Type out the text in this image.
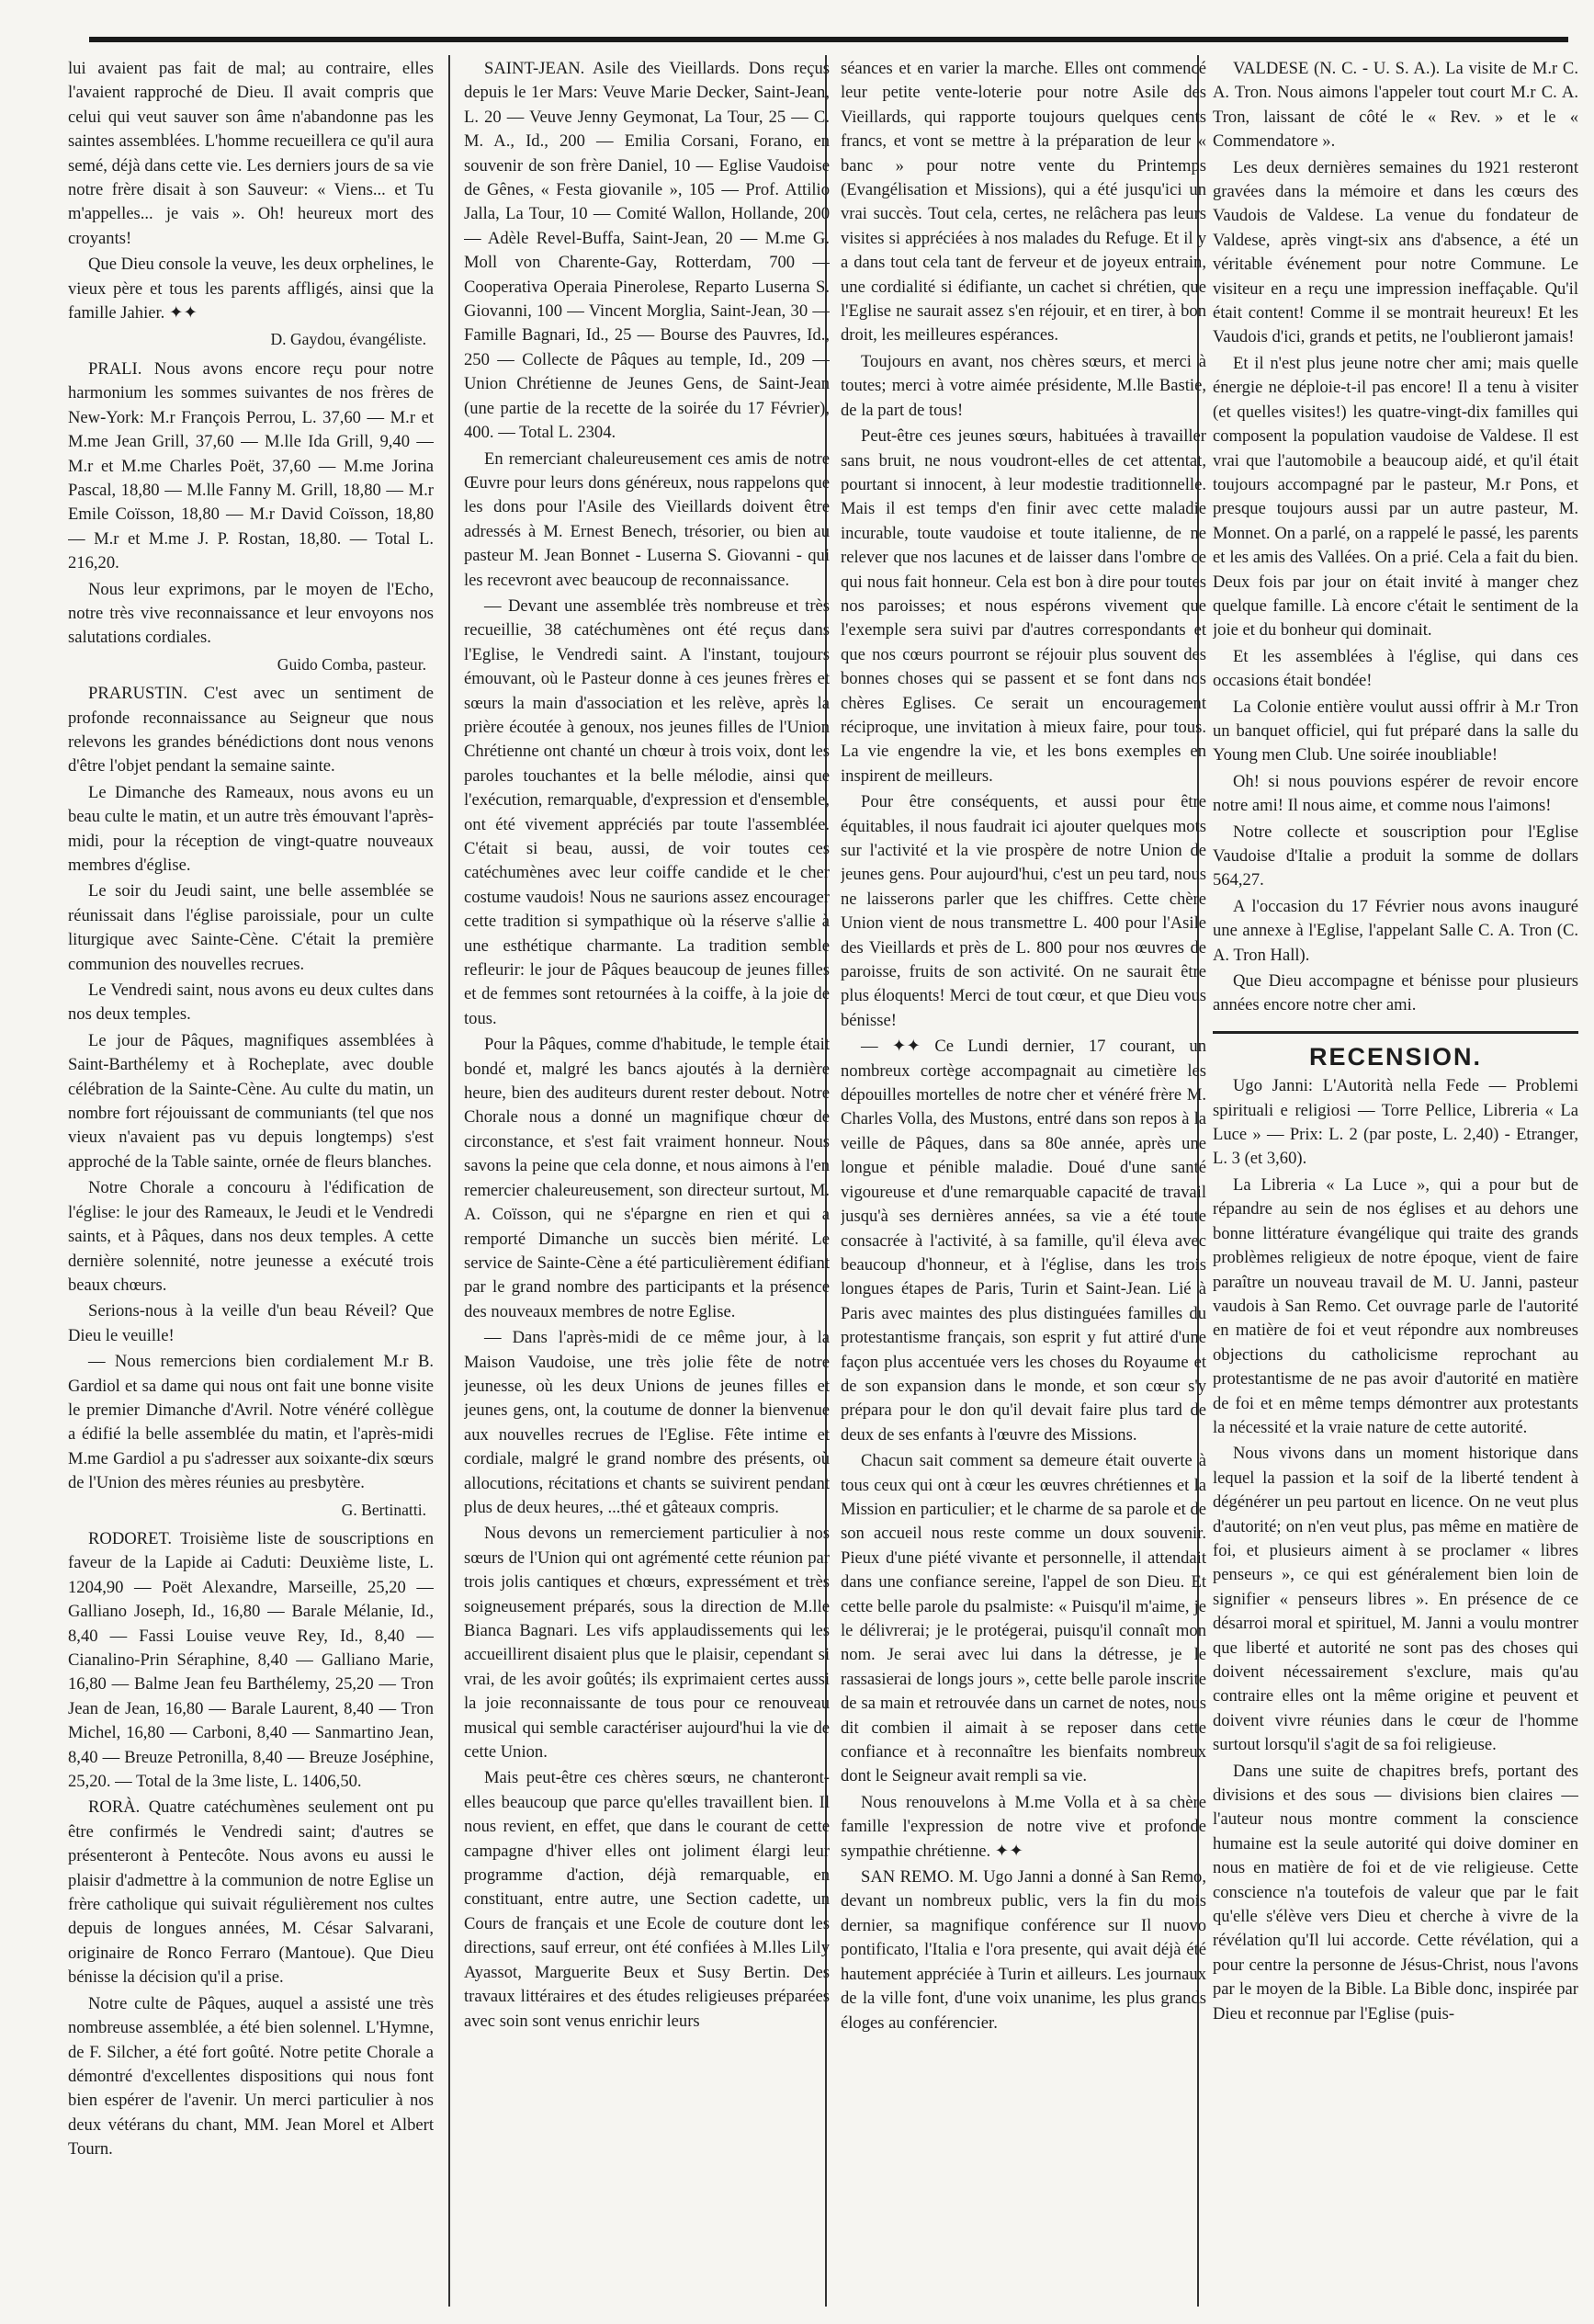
lui avaient pas fait de mal; au contraire, elles l'avaient rapproché de Dieu. Il avait compris que celui qui veut sauver son âme n'abandonne pas les saintes assemblées. L'homme recueillera ce qu'il aura semé, déjà dans cette vie. Les derniers jours de sa vie notre frère disait à son Sauveur: « Viens... et Tu m'appelles... je vais ». Oh! heureux mort des croyants!

Que Dieu console la veuve, les deux orphelines, le vieux père et tous les parents affligés, ainsi que la famille Jahier. ✦✦

D. Gaydou, évangéliste.

PRALI. Nous avons encore reçu pour notre harmonium les sommes suivantes de nos frères de New-York: M.r François Perrou, L. 37,60 — M.r et M.me Jean Grill, 37,60 — M.lle Ida Grill, 9,40 — M.r et M.me Charles Poët, 37,60 — M.me Jorina Pascal, 18,80 — M.lle Fanny M. Grill, 18,80 — M.r Emile Coïsson, 18,80 — M.r David Coïsson, 18,80 — M.r et M.me J. P. Rostan, 18,80. — Total L. 216,20.

Nous leur exprimons, par le moyen de l'Echo, notre très vive reconnaissance et leur envoyons nos salutations cordiales.

Guido Comba, pasteur.

PRARUSTIN. C'est avec un sentiment de profonde reconnaissance au Seigneur que nous relevons les grandes bénédictions dont nous venons d'être l'objet pendant la semaine sainte.

Le Dimanche des Rameaux, nous avons eu un beau culte le matin, et un autre très émouvant l'après-midi, pour la réception de vingt-quatre nouveaux membres d'église.

Le soir du Jeudi saint, une belle assemblée se réunissait dans l'église paroissiale, pour un culte liturgique avec Sainte-Cène. C'était la première communion des nouvelles recrues.

Le Vendredi saint, nous avons eu deux cultes dans nos deux temples.

Le jour de Pâques, magnifiques assemblées à Saint-Barthélemy et à Rocheplate, avec double célébration de la Sainte-Cène. Au culte du matin, un nombre fort réjouissant de communiants (tel que nos vieux n'avaient pas vu depuis longtemps) s'est approché de la Table sainte, ornée de fleurs blanches.

Notre Chorale a concouru à l'édification de l'église: le jour des Rameaux, le Jeudi et le Vendredi saints, et à Pâques, dans nos deux temples. A cette dernière solennité, notre jeunesse a exécuté trois beaux chœurs.

Serions-nous à la veille d'un beau Réveil? Que Dieu le veuille!

— Nous remercions bien cordialement M.r B. Gardiol et sa dame qui nous ont fait une bonne visite le premier Dimanche d'Avril. Notre vénéré collègue a édifié la belle assemblée du matin, et l'après-midi M.me Gardiol a pu s'adresser aux soixante-dix sœurs de l'Union des mères réunies au presbytère.

G. Bertinatti.

RODORET. Troisième liste de souscriptions en faveur de la Lapide ai Caduti: Deuxième liste, L. 1204,90 — Poët Alexandre, Marseille, 25,20 — Galliano Joseph, Id., 16,80 — Barale Mélanie, Id., 8,40 — Fassi Louise veuve Rey, Id., 8,40 — Cianalino-Prin Séraphine, 8,40 — Galliano Marie, 16,80 — Balme Jean feu Barthélemy, 25,20 — Tron Jean de Jean, 16,80 — Barale Laurent, 8,40 — Tron Michel, 16,80 — Carboni, 8,40 — Sanmartino Jean, 8,40 — Breuze Petronilla, 8,40 — Breuze Joséphine, 25,20. — Total de la 3me liste, L. 1406,50.

RORÀ. Quatre catéchumènes seulement ont pu être confirmés le Vendredi saint; d'autres se présenteront à Pentecôte. Nous avons eu aussi le plaisir d'admettre à la communion de notre Eglise un frère catholique qui suivait régulièrement nos cultes depuis de longues années, M. César Salvarani, originaire de Ronco Ferraro (Mantoue). Que Dieu bénisse la décision qu'il a prise.

Notre culte de Pâques, auquel a assisté une très nombreuse assemblée, a été bien solennel. L'Hymne, de F. Silcher, a été fort goûté. Notre petite Chorale a démontré d'excellentes dispositions qui nous font bien espérer de l'avenir. Un merci particulier à nos deux vétérans du chant, MM. Jean Morel et Albert Tourn.

SAINT-JEAN. Asile des Vieillards. Dons reçus depuis le 1er Mars: Veuve Marie Decker, Saint-Jean, L. 20 — Veuve Jenny Geymonat, La Tour, 25 — C. M. A., Id., 200 — Emilia Corsani, Forano, en souvenir de son frère Daniel, 10 — Eglise Vaudoise de Gênes, « Festa giovanile », 105 — Prof. Attilio Jalla, La Tour, 10 — Comité Wallon, Hollande, 200 — Adèle Revel-Buffa, Saint-Jean, 20 — M.me G. Moll von Charente-Gay, Rotterdam, 700 — Cooperativa Operaia Pinerolese, Reparto Luserna S. Giovanni, 100 — Vincent Morglia, Saint-Jean, 30 — Famille Bagnari, Id., 25 — Bourse des Pauvres, Id., 250 — Collecte de Pâques au temple, Id., 209 — Union Chrétienne de Jeunes Gens, de Saint-Jean (une partie de la recette de la soirée du 17 Février), 400. — Total L. 2304.

En remerciant chaleureusement ces amis de notre Œuvre pour leurs dons généreux, nous rappelons que les dons pour l'Asile des Vieillards doivent être adressés à M. Ernest Benech, trésorier, ou bien au pasteur M. Jean Bonnet - Luserna S. Giovanni - qui les recevront avec beaucoup de reconnaissance.

— Devant une assemblée très nombreuse et très recueillie, 38 catéchumènes ont été reçus dans l'Eglise, le Vendredi saint. A l'instant, toujours émouvant, où le Pasteur donne à ces jeunes frères et sœurs la main d'association et les relève, après la prière écoutée à genoux, nos jeunes filles de l'Union Chrétienne ont chanté un chœur à trois voix, dont les paroles touchantes et la belle mélodie, ainsi que l'exécution, remarquable, d'expression et d'ensemble, ont été vivement appréciés par toute l'assemblée. C'était si beau, aussi, de voir toutes ces catéchumènes avec leur coiffe candide et le cher costume vaudois! Nous ne saurions assez encourager cette tradition si sympathique où la réserve s'allie à une esthétique charmante. La tradition semble refleurir: le jour de Pâques beaucoup de jeunes filles et de femmes sont retournées à la coiffe, à la joie de tous.

Pour la Pâques, comme d'habitude, le temple était bondé et, malgré les bancs ajoutés à la dernière heure, bien des auditeurs durent rester debout. Notre Chorale nous a donné un magnifique chœur de circonstance, et s'est fait vraiment honneur. Nous savons la peine que cela donne, et nous aimons à l'en remercier chaleureusement, son directeur surtout, M. A. Coïsson, qui ne s'épargne en rien et qui a remporté Dimanche un succès bien mérité. Le service de Sainte-Cène a été particulièrement édifiant par le grand nombre des participants et la présence des nouveaux membres de notre Eglise.

— Dans l'après-midi de ce même jour, à la Maison Vaudoise, une très jolie fête de notre jeunesse, où les deux Unions de jeunes filles et jeunes gens, ont, la coutume de donner la bienvenue aux nouvelles recrues de l'Eglise. Fête intime et cordiale, malgré le grand nombre des présents, où allocutions, récitations et chants se suivirent pendant plus de deux heures, ...thé et gâteaux compris.

Nous devons un remerciement particulier à nos sœurs de l'Union qui ont agrémenté cette réunion par trois jolis cantiques et chœurs, expressément et très soigneusement préparés, sous la direction de M.lle Bianca Bagnari. Les vifs applaudissements qui les accueillirent disaient plus que le plaisir, cependant si vrai, de les avoir goûtés; ils exprimaient certes aussi la joie reconnaissante de tous pour ce renouveau musical qui semble caractériser aujourd'hui la vie de cette Union.

Mais peut-être ces chères sœurs, ne chanteront-elles beaucoup que parce qu'elles travaillent bien. Il nous revient, en effet, que dans le courant de cette campagne d'hiver elles ont joliment élargi leur programme d'action, déjà remarquable, en constituant, entre autre, une Section cadette, un Cours de français et une Ecole de couture dont les directions, sauf erreur, ont été confiées à M.lles Lily Ayassot, Marguerite Beux et Susy Bertin. Des travaux littéraires et des études religieuses préparées avec soin sont venus enrichir leurs

séances et en varier la marche. Elles ont commencé leur petite vente-loterie pour notre Asile des Vieillards, qui rapporte toujours quelques cents francs, et vont se mettre à la préparation de leur « banc » pour notre vente du Printemps (Evangélisation et Missions), qui a été jusqu'ici un vrai succès. Tout cela, certes, ne relâchera pas leurs visites si appréciées à nos malades du Refuge. Et il y a dans tout cela tant de ferveur et de joyeux entrain, une cordialité si édifiante, un cachet si chrétien, que l'Eglise ne saurait assez s'en réjouir, et en tirer, à bon droit, les meilleures espérances.

Toujours en avant, nos chères sœurs, et merci à toutes; merci à votre aimée présidente, M.lle Bastie, de la part de tous!

Peut-être ces jeunes sœurs, habituées à travailler sans bruit, ne nous voudront-elles de cet attentat, pourtant si innocent, à leur modestie traditionnelle. Mais il est temps d'en finir avec cette maladie incurable, toute vaudoise et toute italienne, de ne relever que nos lacunes et de laisser dans l'ombre ce qui nous fait honneur. Cela est bon à dire pour toutes nos paroisses; et nous espérons vivement que l'exemple sera suivi par d'autres correspondants et que nos cœurs pourront se réjouir plus souvent des bonnes choses qui se passent et se font dans nos chères Eglises. Ce serait un encouragement réciproque, une invitation à mieux faire, pour tous. La vie engendre la vie, et les bons exemples en inspirent de meilleurs.

Pour être conséquents, et aussi pour être équitables, il nous faudrait ici ajouter quelques mots sur l'activité et la vie prospère de notre Union de jeunes gens. Pour aujourd'hui, c'est un peu tard, nous ne laisserons parler que les chiffres. Cette chère Union vient de nous transmettre L. 400 pour l'Asile des Vieillards et près de L. 800 pour nos œuvres de paroisse, fruits de son activité. On ne saurait être plus éloquents! Merci de tout cœur, et que Dieu vous bénisse!

— ✦✦ Ce Lundi dernier, 17 courant, un nombreux cortège accompagnait au cimetière les dépouilles mortelles de notre cher et vénéré frère M. Charles Volla, des Mustons, entré dans son repos à la veille de Pâques, dans sa 80e année, après une longue et pénible maladie. Doué d'une santé vigoureuse et d'une remarquable capacité de travail jusqu'à ses dernières années, sa vie a été toute consacrée à l'activité, à sa famille, qu'il éleva avec beaucoup d'honneur, et à l'église, dans les trois longues étapes de Paris, Turin et Saint-Jean. Lié à Paris avec maintes des plus distinguées familles du protestantisme français, son esprit y fut attiré d'une façon plus accentuée vers les choses du Royaume et de son expansion dans le monde, et son cœur s'y prépara pour le don qu'il devait faire plus tard de deux de ses enfants à l'œuvre des Missions.

Chacun sait comment sa demeure était ouverte à tous ceux qui ont à cœur les œuvres chrétiennes et la Mission en particulier; et le charme de sa parole et de son accueil nous reste comme un doux souvenir. Pieux d'une piété vivante et personnelle, il attendait dans une confiance sereine, l'appel de son Dieu. Et cette belle parole du psalmiste: « Puisqu'il m'aime, je le délivrerai; je le protégerai, puisqu'il connaît mon nom. Je serai avec lui dans la détresse, je le rassasierai de longs jours », cette belle parole inscrite de sa main et retrouvée dans un carnet de notes, nous dit combien il aimait à se reposer dans cette confiance et à reconnaître les bienfaits nombreux dont le Seigneur avait rempli sa vie.

Nous renouvelons à M.me Volla et à sa chère famille l'expression de notre vive et profonde sympathie chrétienne. ✦✦

SAN REMO. M. Ugo Janni a donné à San Remo, devant un nombreux public, vers la fin du mois dernier, sa magnifique conférence sur Il nuovo pontificato, l'Italia e l'ora presente, qui avait déjà été hautement appréciée à Turin et ailleurs. Les journaux de la ville font, d'une voix unanime, les plus grands éloges au conférencier.

VALDESE (N. C. - U. S. A.). La visite de M.r C. A. Tron. Nous aimons l'appeler tout court M.r C. A. Tron, laissant de côté le « Rev. » et le « Commendatore ».

Les deux dernières semaines du 1921 resteront gravées dans la mémoire et dans les cœurs des Vaudois de Valdese. La venue du fondateur de Valdese, après vingt-six ans d'absence, a été un véritable événement pour notre Commune. Le visiteur en a reçu une impression ineffaçable. Qu'il était content! Comme il se montrait heureux! Et les Vaudois d'ici, grands et petits, ne l'oublieront jamais!

Et il n'est plus jeune notre cher ami; mais quelle énergie ne déploie-t-il pas encore! Il a tenu à visiter (et quelles visites!) les quatre-vingt-dix familles qui composent la population vaudoise de Valdese. Il est vrai que l'automobile a beaucoup aidé, et qu'il était toujours accompagné par le pasteur, M.r Pons, et presque toujours aussi par un autre pasteur, M. Monnet. On a parlé, on a rappelé le passé, les parents et les amis des Vallées. On a prié. Cela a fait du bien. Deux fois par jour on était invité à manger chez quelque famille. Là encore c'était le sentiment de la joie et du bonheur qui dominait.

Et les assemblées à l'église, qui dans ces occasions était bondée!

La Colonie entière voulut aussi offrir à M.r Tron un banquet officiel, qui fut préparé dans la salle du Young men Club. Une soirée inoubliable!

Oh! si nous pouvions espérer de revoir encore notre ami! Il nous aime, et comme nous l'aimons!

Notre collecte et souscription pour l'Eglise Vaudoise d'Italie a produit la somme de dollars 564,27.

A l'occasion du 17 Février nous avons inauguré une annexe à l'Eglise, l'appelant Salle C. A. Tron (C. A. Tron Hall).

Que Dieu accompagne et bénisse pour plusieurs années encore notre cher ami.

RECENSION.

Ugo Janni: L'Autorità nella Fede — Problemi spirituali e religiosi — Torre Pellice, Libreria « La Luce » — Prix: L. 2 (par poste, L. 2,40) - Etranger, L. 3 (et 3,60).

La Libreria « La Luce », qui a pour but de répandre au sein de nos églises et au dehors une bonne littérature évangélique qui traite des grands problèmes religieux de notre époque, vient de faire paraître un nouveau travail de M. U. Janni, pasteur vaudois à San Remo. Cet ouvrage parle de l'autorité en matière de foi et veut répondre aux nombreuses objections du catholicisme reprochant au protestantisme de ne pas avoir d'autorité en matière de foi et en même temps démontrer aux protestants la nécessité et la vraie nature de cette autorité.

Nous vivons dans un moment historique dans lequel la passion et la soif de la liberté tendent à dégénérer un peu partout en licence. On ne veut plus d'autorité; on n'en veut plus, pas même en matière de foi, et plusieurs aiment à se proclamer « libres penseurs », ce qui est généralement bien loin de signifier « penseurs libres ». En présence de ce désarroi moral et spirituel, M. Janni a voulu montrer que liberté et autorité ne sont pas des choses qui doivent nécessairement s'exclure, mais qu'au contraire elles ont la même origine et peuvent et doivent vivre réunies dans le cœur de l'homme surtout lorsqu'il s'agit de sa foi religieuse.

Dans une suite de chapitres brefs, portant des divisions et des sous — divisions bien claires — l'auteur nous montre comment la conscience humaine est la seule autorité qui doive dominer en nous en matière de foi et de vie religieuse. Cette conscience n'a toutefois de valeur que par le fait qu'elle s'élève vers Dieu et cherche à vivre de la révélation qu'Il lui accorde. Cette révélation, qui a pour centre la personne de Jésus-Christ, nous l'avons par le moyen de la Bible. La Bible donc, inspirée par Dieu et reconnue par l'Eglise (puis-
